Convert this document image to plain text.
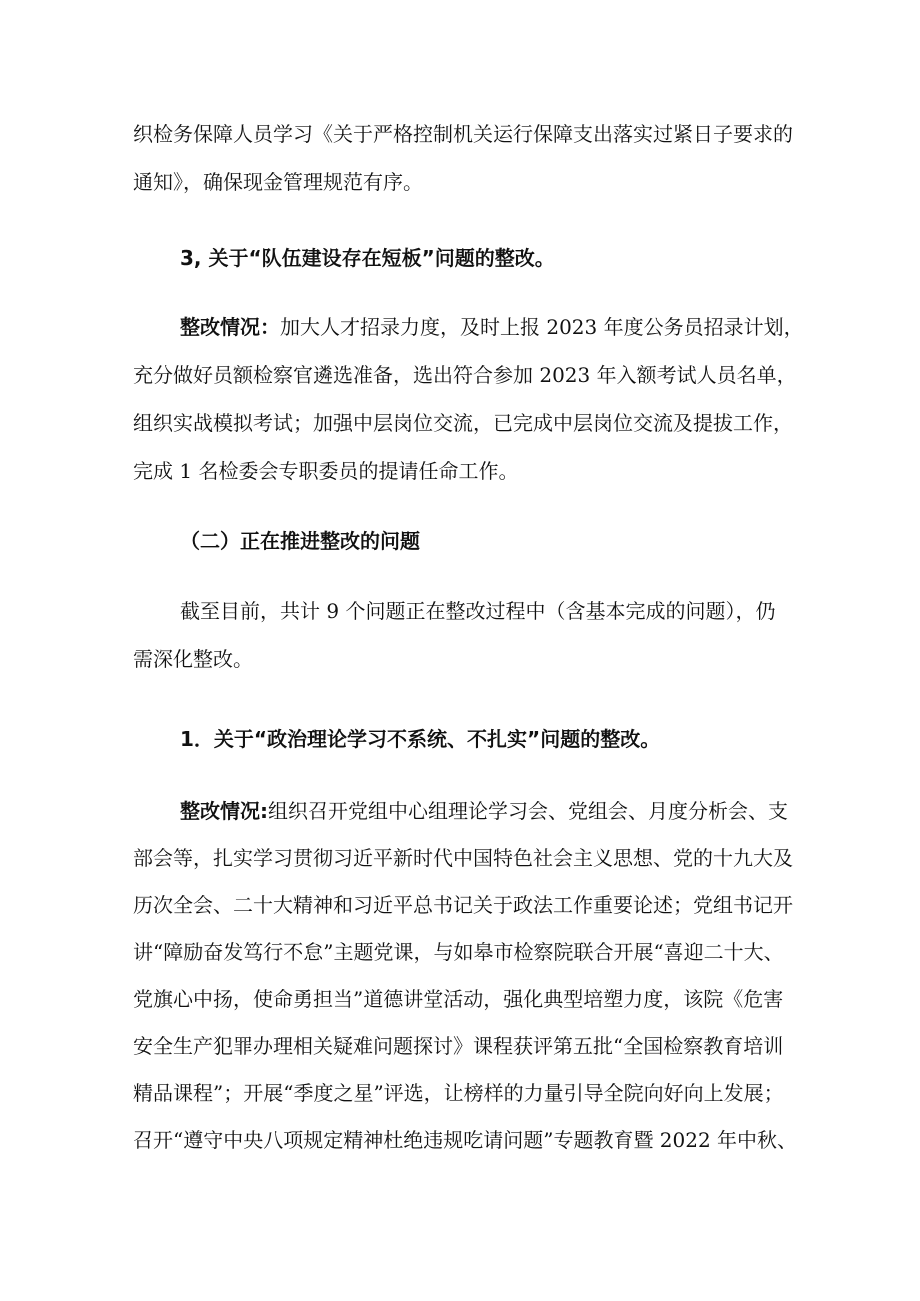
织检务保障人员学习《关于严格控制机关运行保障支出落实过紧日子要求的
通知》，确保现金管理规范有序。
3, 关于“队伍建设存在短板”问题的整改。
整改情况：加大人才招录力度，及时上报 2023 年度公务员招录计划，
充分做好员额检察官遴选准备，选出符合参加 2023 年入额考试人员名单，
组织实战模拟考试；加强中层岗位交流，已完成中层岗位交流及提拔工作，
完成 1 名检委会专职委员的提请任命工作。
（二）正在推进整改的问题
截至目前，共计 9 个问题正在整改过程中（含基本完成的问题），仍
需深化整改。
1．关于“政治理论学习不系统、不扎实”问题的整改。
整改情况:组织召开党组中心组理论学习会、党组会、月度分析会、支
部会等，扎实学习贯彻习近平新时代中国特色社会主义思想、党的十九大及
历次全会、二十大精神和习近平总书记关于政法工作重要论述；党组书记开
讲“障励奋发笃行不怠”主题党课，与如皋市检察院联合开展“喜迎二十大、
党旗心中扬，使命勇担当”道德讲堂活动，强化典型培塑力度，该院《危害
安全生产犯罪办理相关疑难问题探讨》课程获评第五批“全国检察教育培训
精品课程”；开展“季度之星”评选，让榜样的力量引导全院向好向上发展；
召开“遵守中央八项规定精神杜绝违规吃请问题”专题教育暨 2022 年中秋、
